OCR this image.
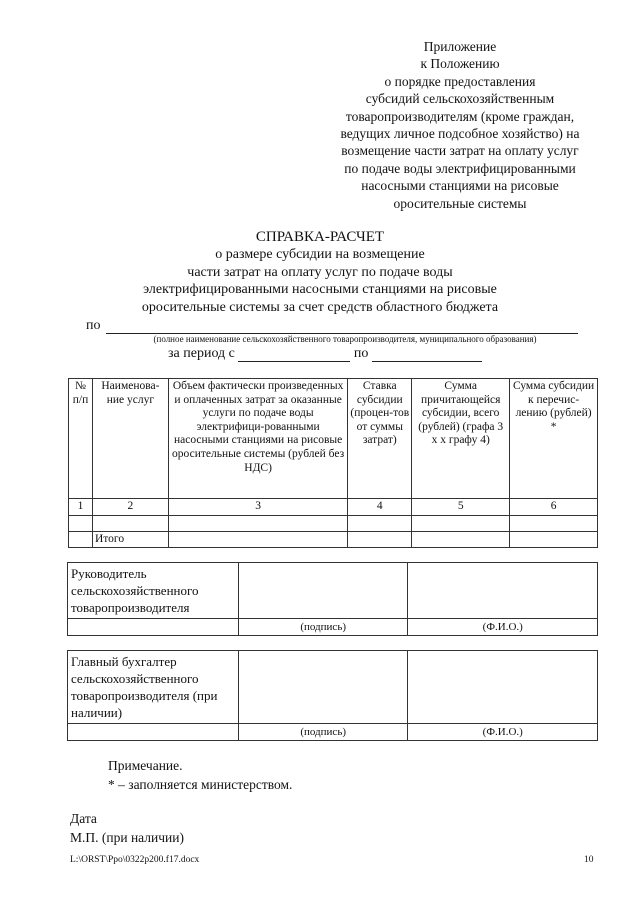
Приложение
к Положению
о порядке предоставления
субсидий сельскохозяйственным
товаропроизводителям (кроме граждан,
ведущих личное подсобное хозяйство) на
возмещение части затрат на оплату услуг
по подаче воды электрифицированными
насосными станциями на рисовые
оросительные системы
СПРАВКА-РАСЧЕТ
о размере субсидии на возмещение
части затрат на оплату услуг по подаче воды
электрифицированными насосными станциями на рисовые
оросительные системы за счет средств областного бюджета
по
(полное наименование сельскохозяйственного товаропроизводителя, муниципального образования)
за период с	по
№ п/п	Наименова-ние услуг	Объем фактически произведенных и оплаченных затрат за оказанные услуги по подаче воды электрифици-рованными насосными станциями на рисовые оросительные системы (рублей без НДС)	Ставка субсидии (процен-тов от суммы затрат)	Сумма причитающейся субсидии, всего (рублей) (графа 3 х х графу 4)	Сумма субсидии к перечис-лению (рублей) *
1	2	3	4	5	6

	Итого				
Руководитель сельскохозяйственного товаропроизводителя		
	(подпись)	(Ф.И.О.)
Главный бухгалтер сельскохозяйственного товаропроизводителя (при наличии)		
	(подпись)	(Ф.И.О.)
Примечание.
* – заполняется министерством.
Дата
М.П. (при наличии)
L:\ORST\Ppo\0322p200.f17.docx	10
